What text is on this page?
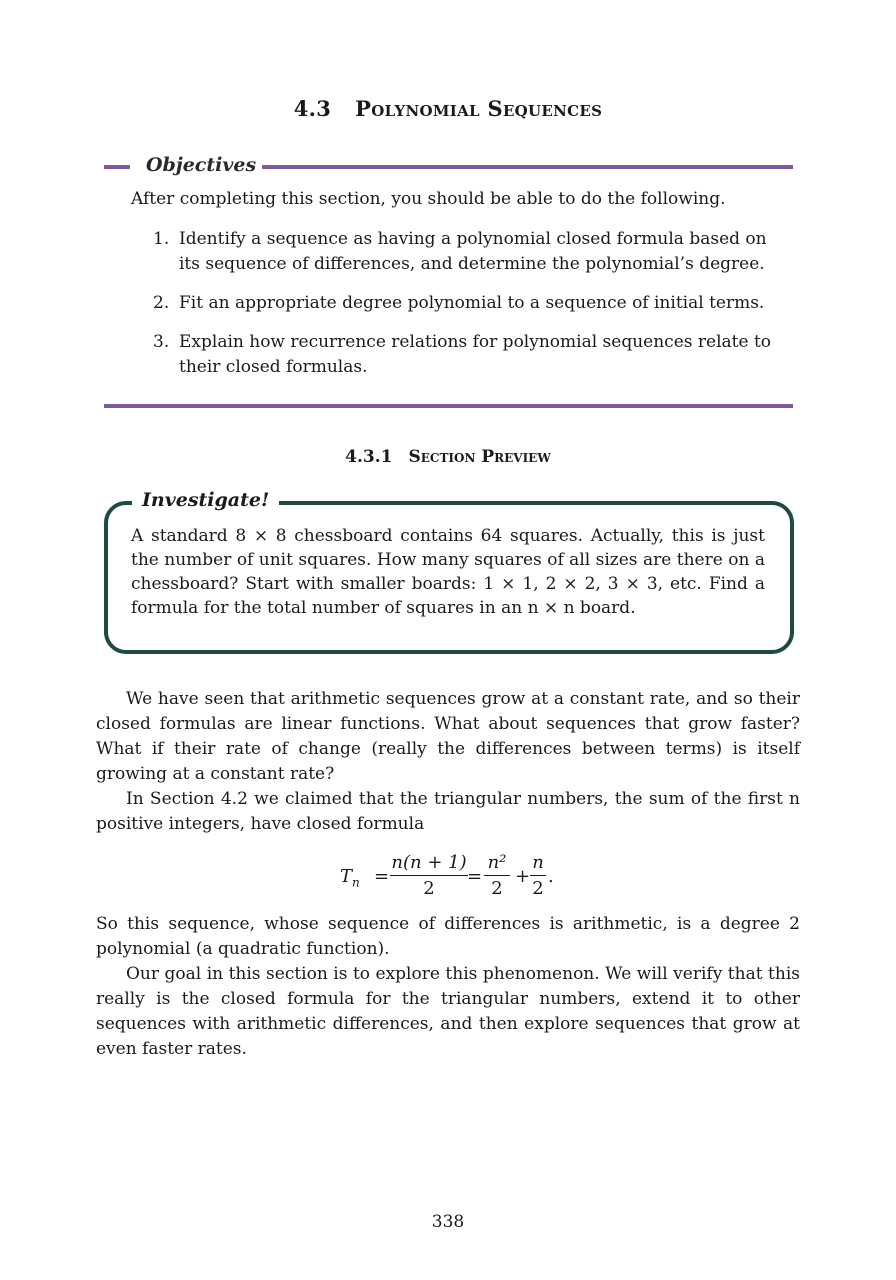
4.3 Polynomial Sequences
Objectives

After completing this section, you should be able to do the following.

1. Identify a sequence as having a polynomial closed formula based on its sequence of differences, and determine the polynomial’s degree.
2. Fit an appropriate degree polynomial to a sequence of initial terms.
3. Explain how recurrence relations for polynomial sequences relate to their closed formulas.
4.3.1 Section Preview
Investigate!

A standard 8 × 8 chessboard contains 64 squares. Actually, this is just the number of unit squares. How many squares of all sizes are there on a chessboard? Start with smaller boards: 1 × 1, 2 × 2, 3 × 3, etc. Find a formula for the total number of squares in an n × n board.

We have seen that arithmetic sequences grow at a constant rate, and so their closed formulas are linear functions. What about sequences that grow faster? What if their rate of change (really the differences between terms) is itself growing at a constant rate?

In Section 4.2 we claimed that the triangular numbers, the sum of the first n positive integers, have closed formula

$T_n$ =
n(n + 1)
2
=
n²
2
+
n
2
.

So this sequence, whose sequence of differences is arithmetic, is a degree 2 polynomial (a quadratic function).

Our goal in this section is to explore this phenomenon. We will verify that this really is the closed formula for the triangular numbers, extend it to other sequences with arithmetic differences, and then explore sequences that grow at even faster rates.

338
